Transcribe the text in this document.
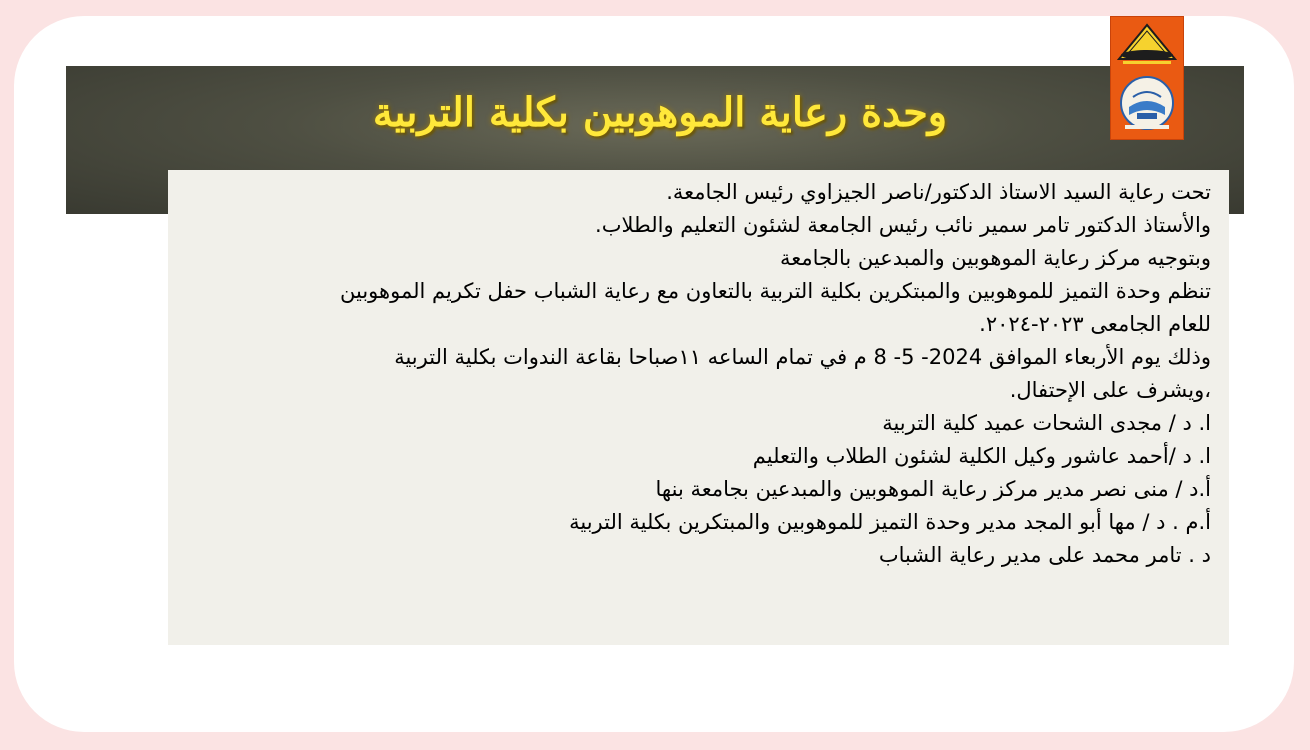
وحدة رعاية الموهوبين بكلية التربية
تحت رعاية السيد الاستاذ الدكتور/ناصر الجيزاوي رئيس الجامعة.
والأستاذ الدكتور تامر سمير نائب رئيس الجامعة لشئون التعليم والطلاب.
وبتوجيه مركز رعاية الموهوبين والمبدعين بالجامعة
تنظم وحدة التميز للموهوبين والمبتكرين بكلية التربية بالتعاون مع رعاية الشباب حفل تكريم الموهوبين
للعام الجامعى ٢٠٢٣-٢٠٢٤.
وذلك يوم الأربعاء الموافق 2024- 5- 8 م في تمام الساعه ١١صباحا بقاعة الندوات بكلية التربية
،ويشرف على الإحتفال.
ا. د / مجدى الشحات عميد كلية التربية
ا. د /أحمد عاشور وكيل الكلية لشئون الطلاب والتعليم
أ.د / منى نصر مدير مركز رعاية الموهوبين والمبدعين بجامعة بنها
أ.م . د / مها أبو المجد مدير وحدة التميز للموهوبين والمبتكرين بكلية التربية
د . تامر محمد على مدير رعاية الشباب
